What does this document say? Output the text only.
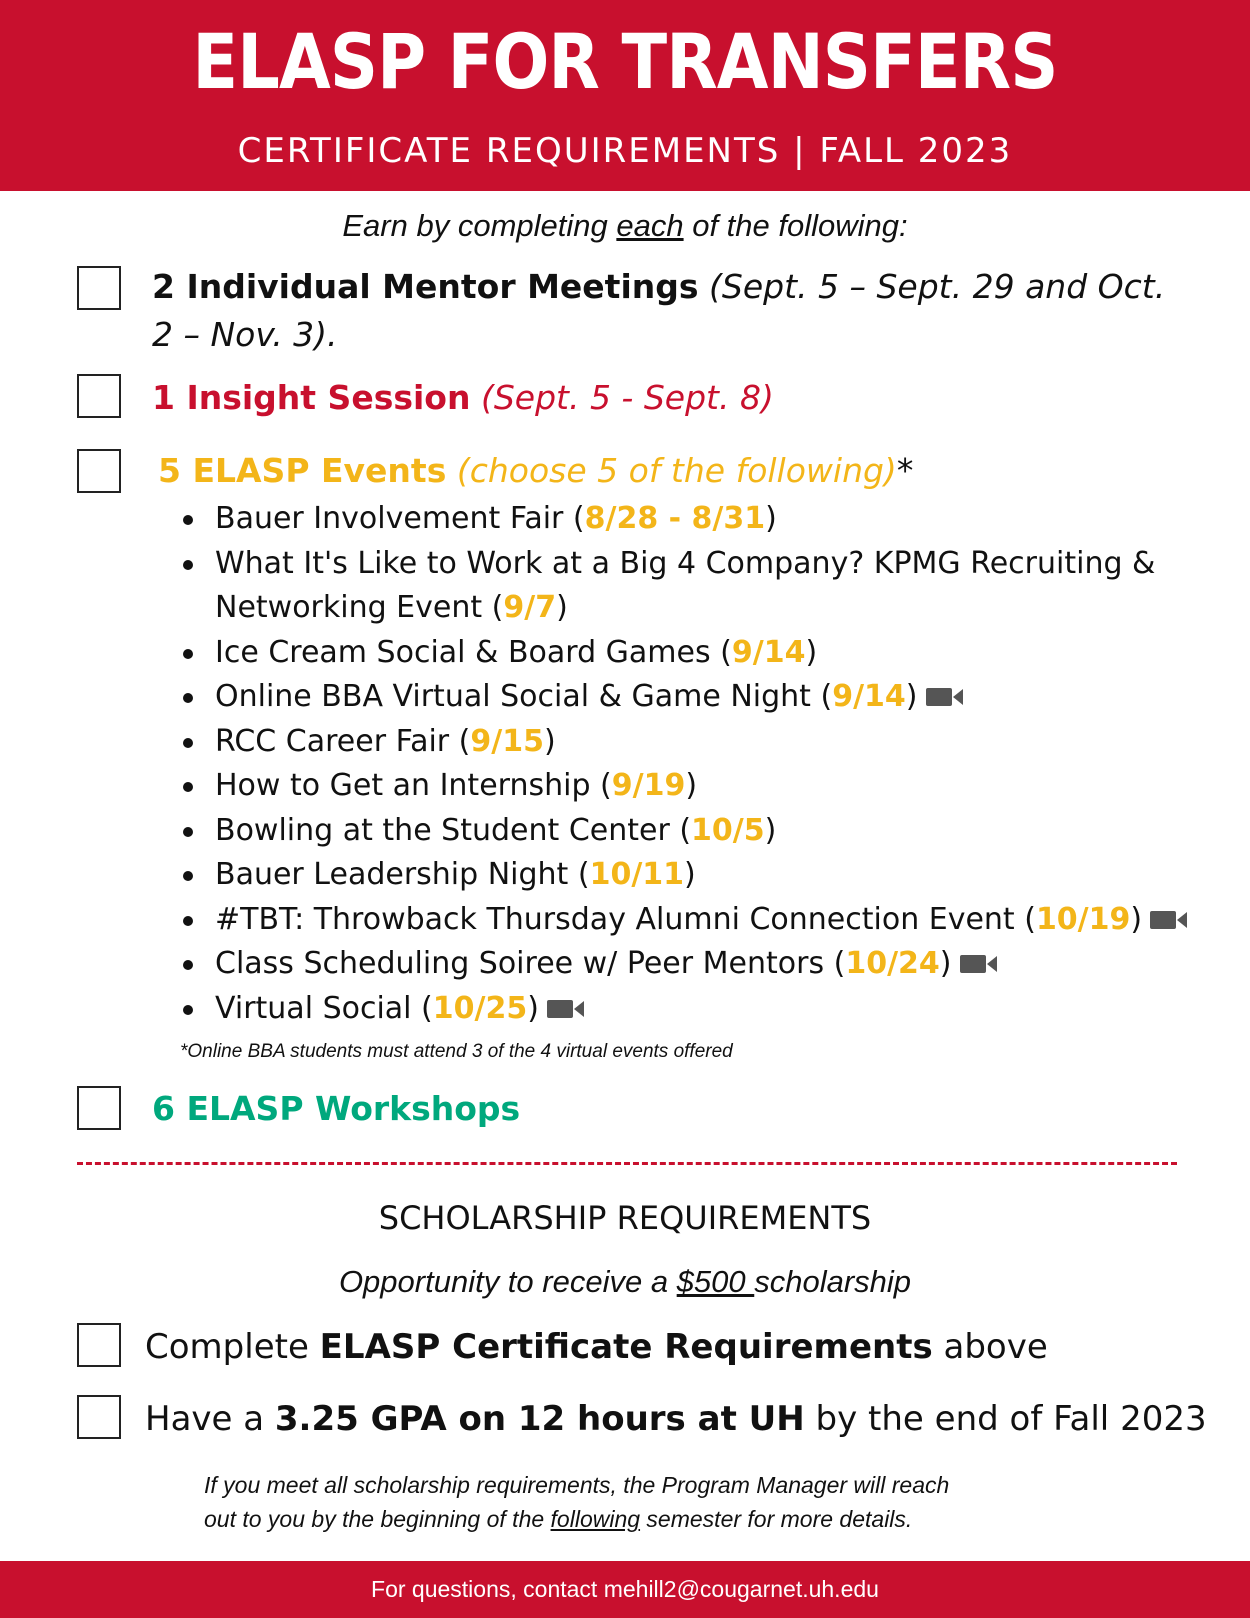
ELASP FOR TRANSFERS
CERTIFICATE REQUIREMENTS | FALL 2023
Earn by completing each of the following:
2 Individual Mentor Meetings (Sept. 5 – Sept. 29 and Oct.
2 – Nov. 3).
1 Insight Session (Sept. 5 - Sept. 8)
5 ELASP Events (choose 5 of the following)*
Bauer Involvement Fair (8/28 - 8/31)
What It's Like to Work at a Big 4 Company? KPMG Recruiting &
Networking Event (9/7)
Ice Cream Social & Board Games (9/14)
Online BBA Virtual Social & Game Night (9/14)
RCC Career Fair (9/15)
How to Get an Internship (9/19)
Bowling at the Student Center (10/5)
Bauer Leadership Night (10/11)
#TBT: Throwback Thursday Alumni Connection Event (10/19)
Class Scheduling Soiree w/ Peer Mentors (10/24)
Virtual Social (10/25)
*Online BBA students must attend 3 of the 4 virtual events offered
6 ELASP Workshops
SCHOLARSHIP REQUIREMENTS
Opportunity to receive a $500 scholarship
Complete ELASP Certificate Requirements above
Have a 3.25 GPA on 12 hours at UH by the end of Fall 2023
If you meet all scholarship requirements, the Program Manager will reach
out to you by the beginning of the following semester for more details.
For questions, contact mehill2@cougarnet.uh.edu
